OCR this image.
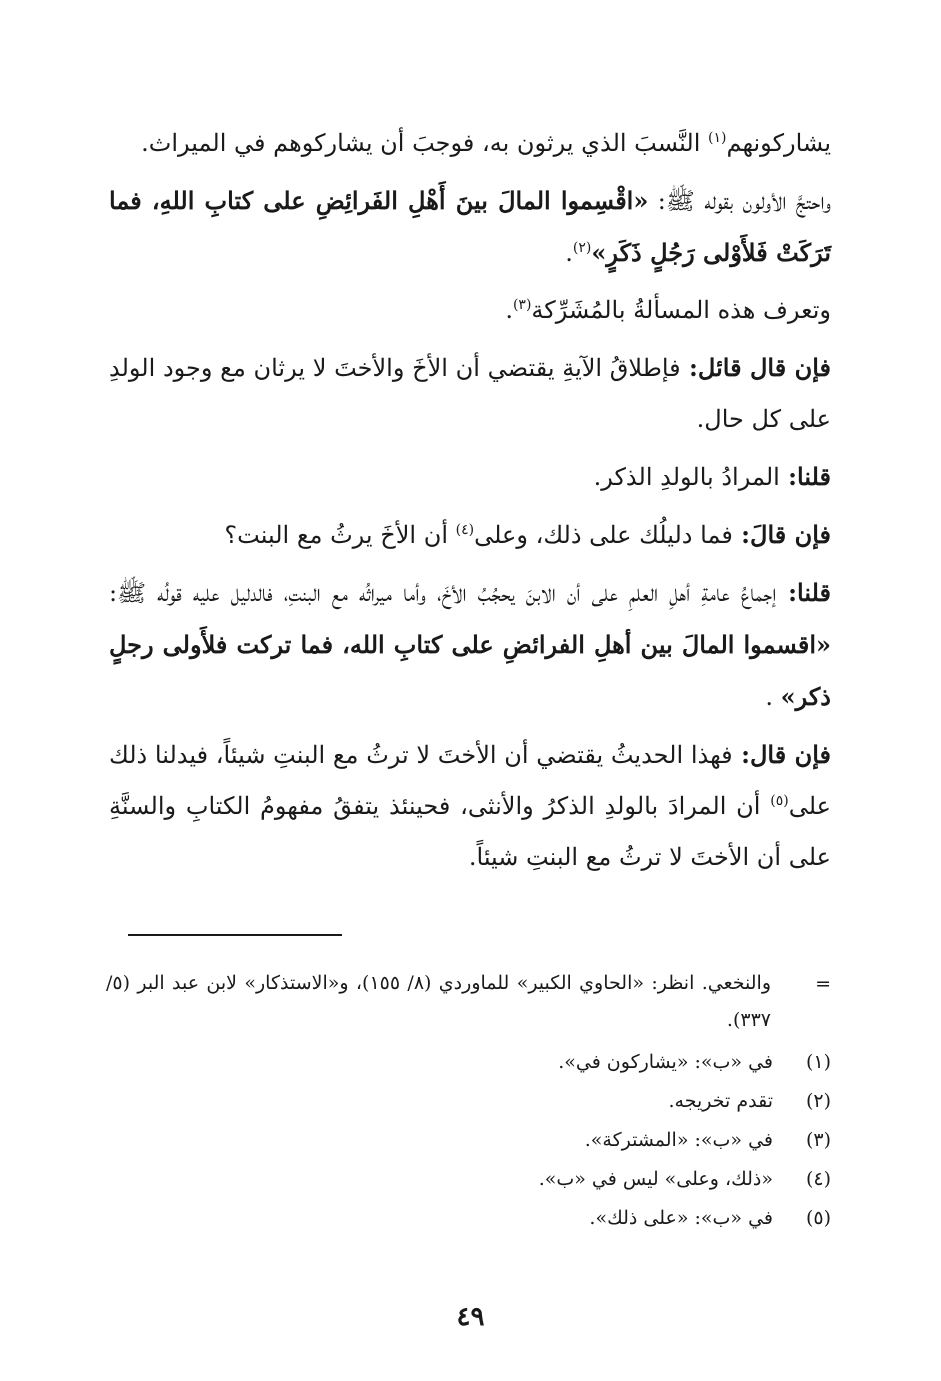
يشاركونهم$^{(١)}$ النَّسبَ الذي يرثون به، فوجبَ أن يشاركوهم في الميراث.

واحتجَّ الأولون بقوله ﷺ: «اقْسِموا المالَ بينَ أَهْلِ الفَرائِضِ على كتابِ اللهِ، فما تَرَكَتْ فَلأَوْلى رَجُلٍ ذَكَرٍ»$^{(٢)}$.

وتعرف هذه المسألةُ بالمُشَرِّكة$^{(٣)}$.

فإن قال قائل: فإطلاقُ الآيةِ يقتضي أن الأخَ والأختَ لا يرثان مع وجود الولدِ على كل حال.

قلنا: المرادُ بالولدِ الذكر.

فإن قالَ: فما دليلُك على ذلك، وعلى$^{(٤)}$ أن الأخَ يرثُ مع البنت؟

قلنا: إجماعُ عامةِ أهلِ العلمِ على أن الابنَ يحجُبُ الأخَ، وأما ميراثُه مع البنتِ، فالدليل عليه قولُه ﷺ: «اقسموا المالَ بين أهلِ الفرائضِ على كتابِ الله، فما تركت فلأَولى رجلٍ ذكر» .

فإن قال: فهذا الحديثُ يقتضي أن الأختَ لا ترثُ مع البنتِ شيئاً، فيدلنا ذلك على$^{(٥)}$ أن المرادَ بالولدِ الذكرُ والأنثى، فحينئذ يتفقُ مفهومُ الكتابِ والسنَّةِ على أن الأختَ لا ترثُ مع البنتِ شيئاً.

=
والنخعي. انظر: «الحاوي الكبير» للماوردي (٨/ ١٥٥)، و«الاستذكار» لابن عبد البر (٥/ ٣٣٧).
(١)
في «ب»: «يشاركون في».
(٢)
تقدم تخريجه.
(٣)
في «ب»: «المشتركة».
(٤)
«ذلك، وعلى» ليس في «ب».
(٥)
في «ب»: «على ذلك».
٤٩
